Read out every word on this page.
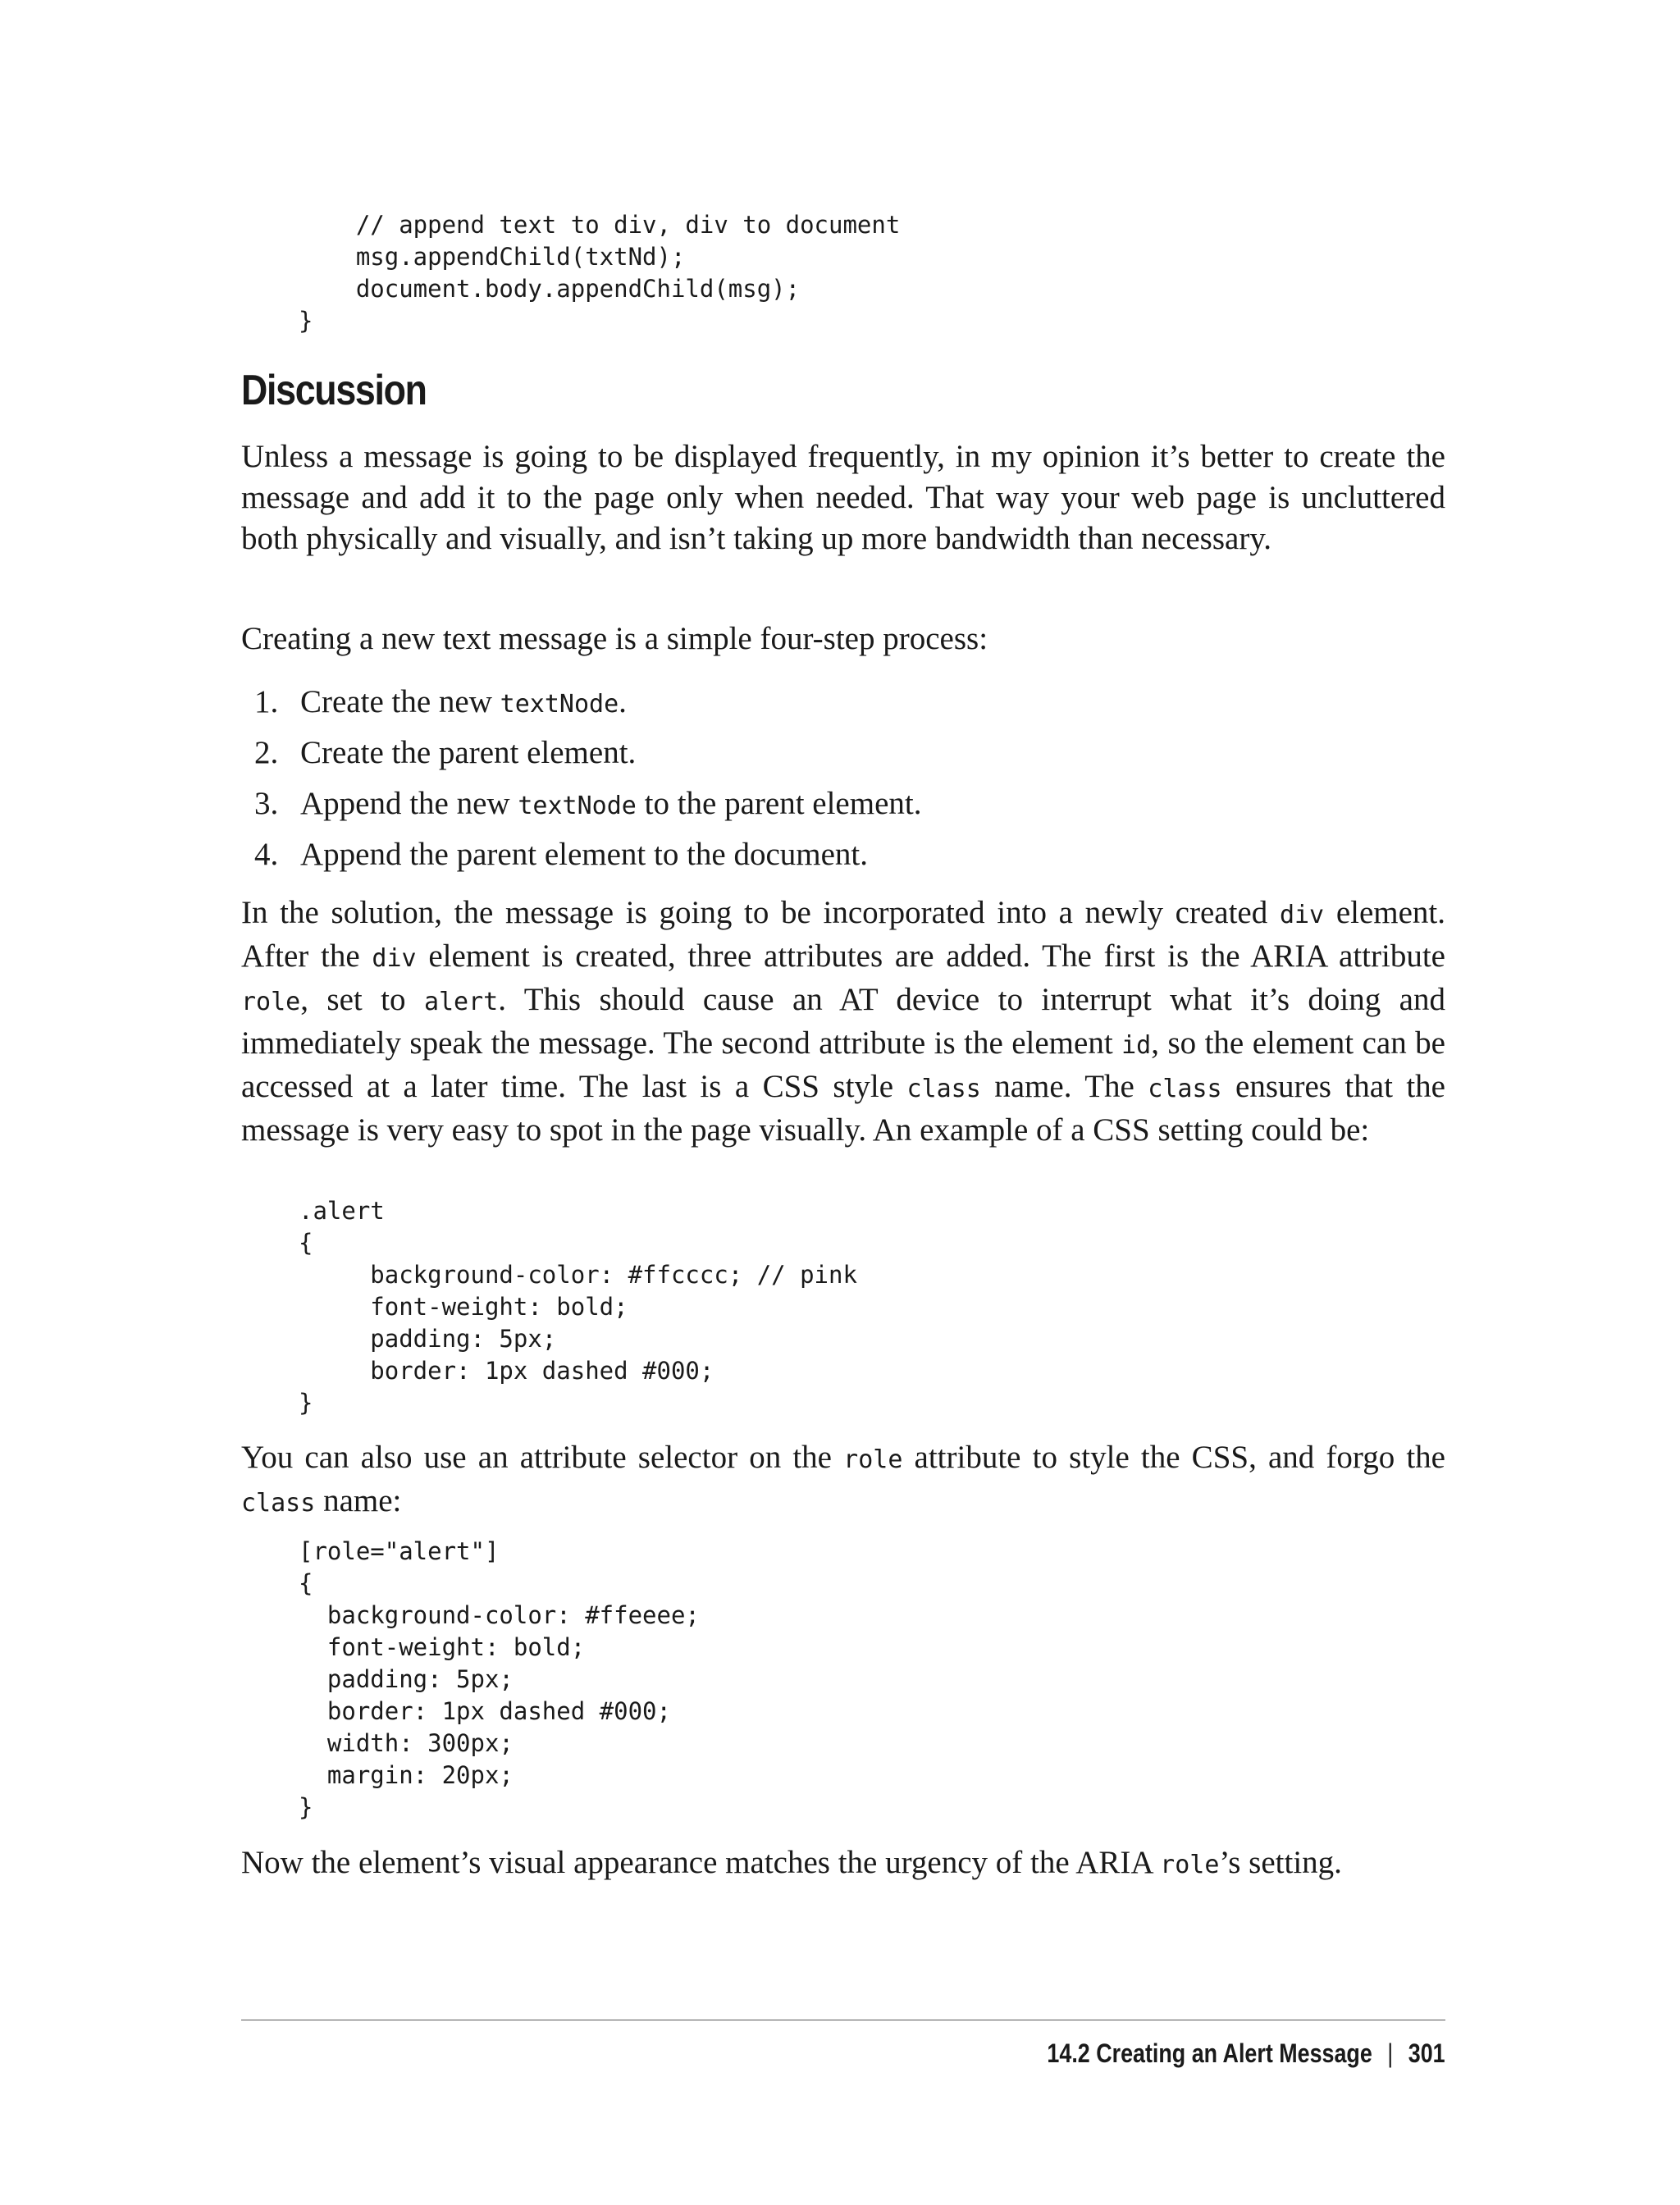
// append text to div, div to document
msg.appendChild(txtNd);
document.body.appendChild(msg);
}
Discussion

Unless a message is going to be displayed frequently, in my opinion it’s better to create the message and add it to the page only when needed. That way your web page is uncluttered both physically and visually, and isn’t taking up more bandwidth than necessary.

Creating a new text message is a simple four-step process:

1. Create the new textNode.
2. Create the parent element.
3. Append the new textNode to the parent element.
4. Append the parent element to the document.

In the solution, the message is going to be incorporated into a newly created div element. After the div element is created, three attributes are added. The first is the ARIA attribute role, set to alert. This should cause an AT device to interrupt what it’s doing and immediately speak the message. The second attribute is the element id, so the element can be accessed at a later time. The last is a CSS style class name. The class ensures that the message is very easy to spot in the page visually. An example of a CSS setting could be:

.alert
{
background-color: #ffcccc; // pink
font-weight: bold;
padding: 5px;
border: 1px dashed #000;
}

You can also use an attribute selector on the role attribute to style the CSS, and forgo the class name:

[role="alert"]
{
background-color: #ffeeee;
font-weight: bold;
padding: 5px;
border: 1px dashed #000;
width: 300px;
margin: 20px;
}

Now the element’s visual appearance matches the urgency of the ARIA role’s setting.

14.2 Creating an Alert Message | 301
